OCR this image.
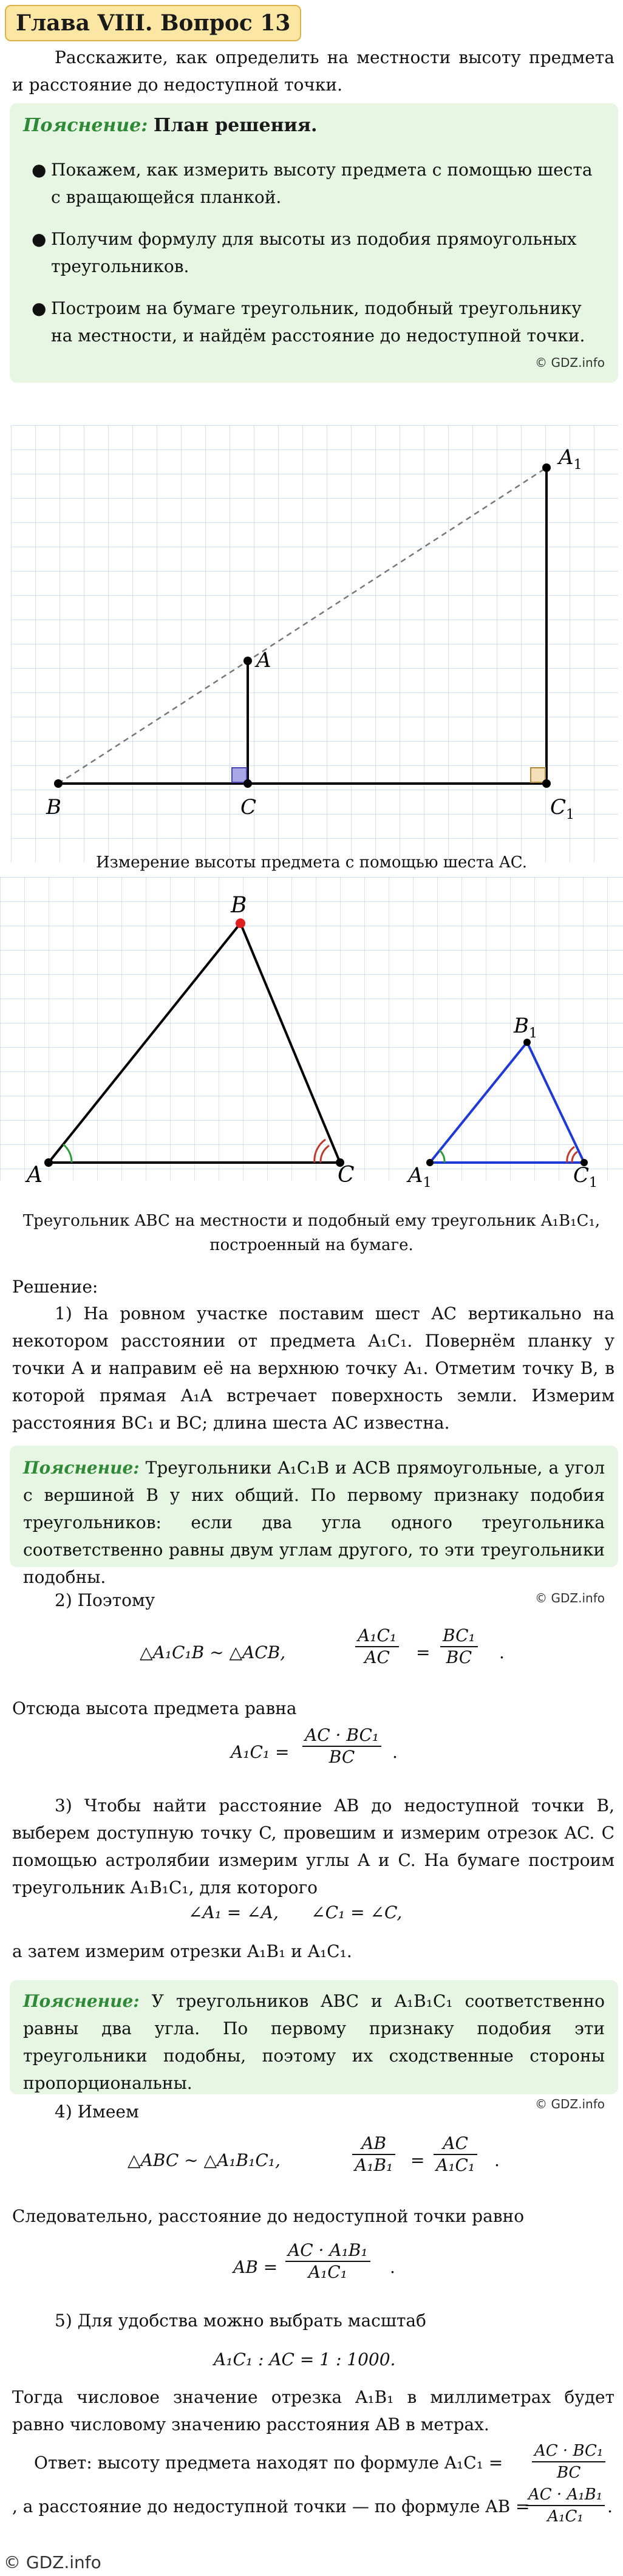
Глава VIII. Вопрос 13
Расскажите, как определить на местности высоту предмета и расстояние до недоступной точки.
Пояснение: План решения.
● Покажем, как измерить высоту предмета с помощью шеста с вращающейся планкой.
● Получим формулу для высоты из подобия прямоугольных треугольников.
● Построим на бумаге треугольник, подобный треугольнику на местности, и найдём расстояние до недоступной точки.
© GDZ.info
$A_1$
A
B	C	$C_1$
Измерение высоты предмета с помощью шеста AC.
A
B
C	$A_1$
$B_1$
$C_1$
Треугольник ABC на местности и подобный ему треугольник A₁B₁C₁,
построенный на бумаге.
Решение:
1) На ровном участке поставим шест AC вертикально на некотором расстоянии от предмета A₁C₁. Повернём планку у точки A и направим её на верхнюю точку A₁. Отметим точку B, в которой прямая A₁A встречает поверхность земли. Измерим расстояния BC₁ и BC; длина шеста AC известна.
Пояснение: Треугольники A₁C₁B и ACB прямоугольные, а угол с вершиной B у них общий. По первому признаку подобия треугольников: если два угла одного треугольника соответственно равны двум углам другого, то эти треугольники подобны.
© GDZ.info
2) Поэтому
△A₁C₁B ∼ △ACB,	$\frac{\text{A₁C₁}}{AC} = \frac{\text{BC₁}}{BC}$ .
Отсюда высота предмета равна
$A_1C_1 = \frac{\text{AC · BC₁}}{BC}$ .
3) Чтобы найти расстояние AB до недоступной точки B, выберем доступную точку C, провешим и измерим отрезок AC. С помощью астролябии измерим углы A и C. На бумаге построим треугольник A₁B₁C₁, для которого
∠A₁ = ∠A,      ∠C₁ = ∠C,
а затем измерим отрезки A₁B₁ и A₁C₁.
Пояснение: У треугольников ABC и A₁B₁C₁ соответственно равны два угла. По первому признаку подобия эти треугольники подобны, поэтому их сходственные стороны пропорциональны.
© GDZ.info
4) Имеем
△ABC ∼ △A₁B₁C₁,	$\frac{AB}{\text{A₁B₁}} = \frac{AC}{\text{A₁C₁}}$ .
Следовательно, расстояние до недоступной точки равно
AB = $\frac{\text{AC · A₁B₁}}{\text{A₁C₁}}$ .
5) Для удобства можно выбрать масштаб
A₁C₁ : AC = 1 : 1000.
Тогда числовое значение отрезка A₁B₁ в миллиметрах будет равно числовому значению расстояния AB в метрах.
Ответ: высоту предмета находят по формуле $A_1C_1 = \frac{\text{AC · BC₁}}{BC}$
, а расстояние до недоступной точки — по формуле AB =
$\frac{\text{AC · A₁B₁}}{\text{A₁C₁}}$ .
© GDZ.info
